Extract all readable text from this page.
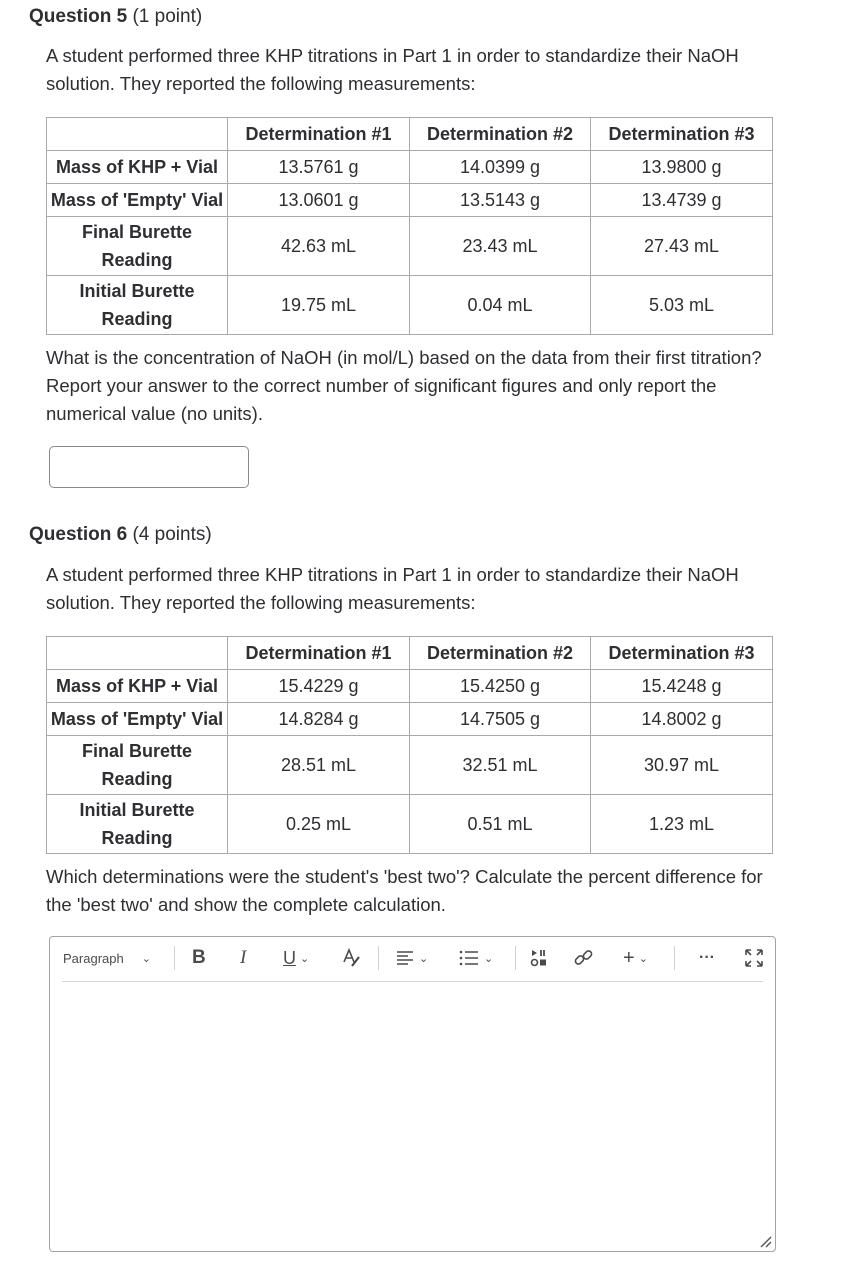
Question 5 (1 point)
A student performed three KHP titrations in Part 1 in order to standardize their NaOH solution. They reported the following measurements:
	Determination #1	Determination #2	Determination #3
Mass of KHP + Vial	13.5761 g	14.0399 g	13.9800 g
Mass of 'Empty' Vial	13.0601 g	13.5143 g	13.4739 g
Final Burette Reading	42.63 mL	23.43 mL	27.43 mL
Initial Burette Reading	19.75 mL	0.04 mL	5.03 mL
What is the concentration of NaOH (in mol/L) based on the data from their first titration? Report your answer to the correct number of significant figures and only report the numerical value (no units).
Question 6 (4 points)
A student performed three KHP titrations in Part 1 in order to standardize their NaOH solution. They reported the following measurements:
	Determination #1	Determination #2	Determination #3
Mass of KHP + Vial	15.4229 g	15.4250 g	15.4248 g
Mass of 'Empty' Vial	14.8284 g	14.7505 g	14.8002 g
Final Burette Reading	28.51 mL	32.51 mL	30.97 mL
Initial Burette Reading	0.25 mL	0.51 mL	1.23 mL
Which determinations were the student's 'best two'? Calculate the percent difference for the 'best two' and show the complete calculation.
Paragraph ⌄ B I U ⌄	⌄	⌄	+ ⌄	···
